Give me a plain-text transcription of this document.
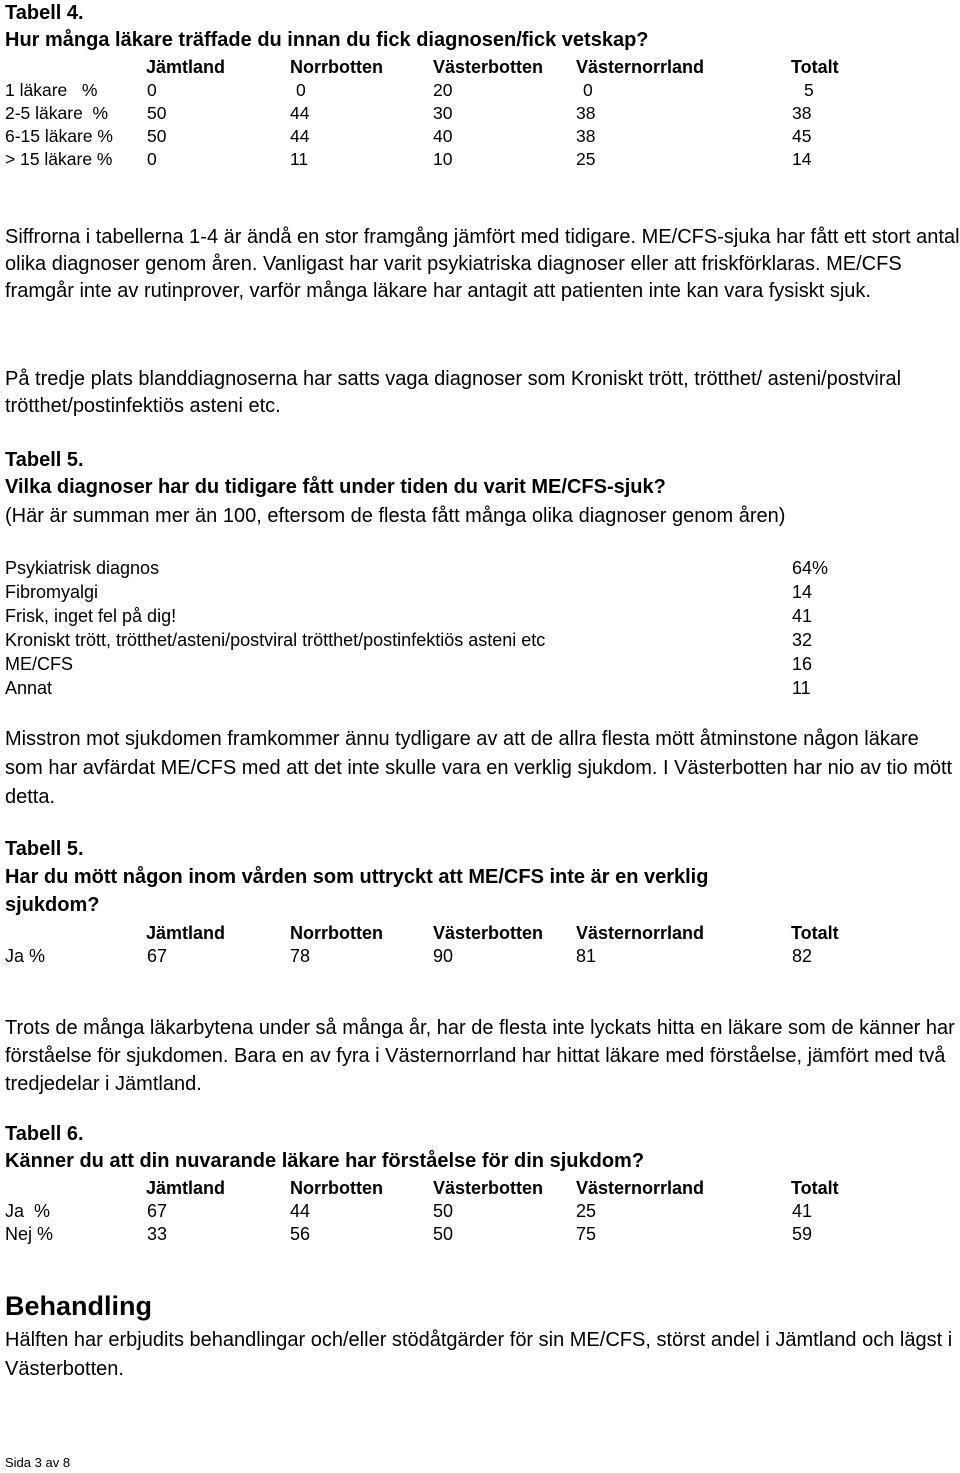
Tabell 4.
Hur många läkare träffade du innan du fick diagnosen/fick vetskap?
Jämtland	Norrbotten	Västerbotten Västernorrland	Totalt
1 läkare   %	0	0	20	0	5
2-5 läkare  % 50	44	30	38	38
6-15 läkare % 50	44	40	38	45
> 15 läkare % 0	11	10	25	14
Siffrorna i tabellerna 1-4 är ändå en stor framgång jämfört med tidigare. ME/CFS-sjuka har fått ett stort antal olika diagnoser genom åren. Vanligast har varit psykiatriska diagnoser eller att friskförklaras. ME/CFS framgår inte av rutinprover, varför många läkare har antagit att patienten inte kan vara fysiskt sjuk.
På tredje plats blanddiagnoserna har satts vaga diagnoser som Kroniskt trött, trötthet/ asteni/postviral trötthet/postinfektiös asteni etc.
Tabell 5.
Vilka diagnoser har du tidigare fått under tiden du varit ME/CFS-sjuk?
(Här är summan mer än 100, eftersom de flesta fått många olika diagnoser genom åren)
Psykiatrisk diagnos	64%
Fibromyalgi	14
Frisk, inget fel på dig!	41
Kroniskt trött, trötthet/asteni/postviral trötthet/postinfektiös asteni etc	32
ME/CFS	16
Annat	11
Misstron mot sjukdomen framkommer ännu tydligare av att de allra flesta mött åtminstone någon läkare som har avfärdat ME/CFS med att det inte skulle vara en verklig sjukdom. I Västerbotten har nio av tio mött detta.
Tabell 5.
Har du mött någon inom vården som uttryckt att ME/CFS inte är en verklig
sjukdom?
Jämtland	Norrbotten	Västerbotten Västernorrland	Totalt
Ja %	67	78	90	81	82
Trots de många läkarbytena under så många år, har de flesta inte lyckats hitta en läkare som de känner har förståelse för sjukdomen. Bara en av fyra i Västernorrland har hittat läkare med förståelse, jämfört med två tredjedelar i Jämtland.
Tabell 6.
Känner du att din nuvarande läkare har förståelse för din sjukdom?
Jämtland	Norrbotten	Västerbotten Västernorrland	Totalt
Ja  %	67	44	50	25	41
Nej %	33	56	50	75	59
Behandling
Hälften har erbjudits behandlingar och/eller stödåtgärder för sin ME/CFS, störst andel i Jämtland och lägst i Västerbotten.
Sida 3 av 8
